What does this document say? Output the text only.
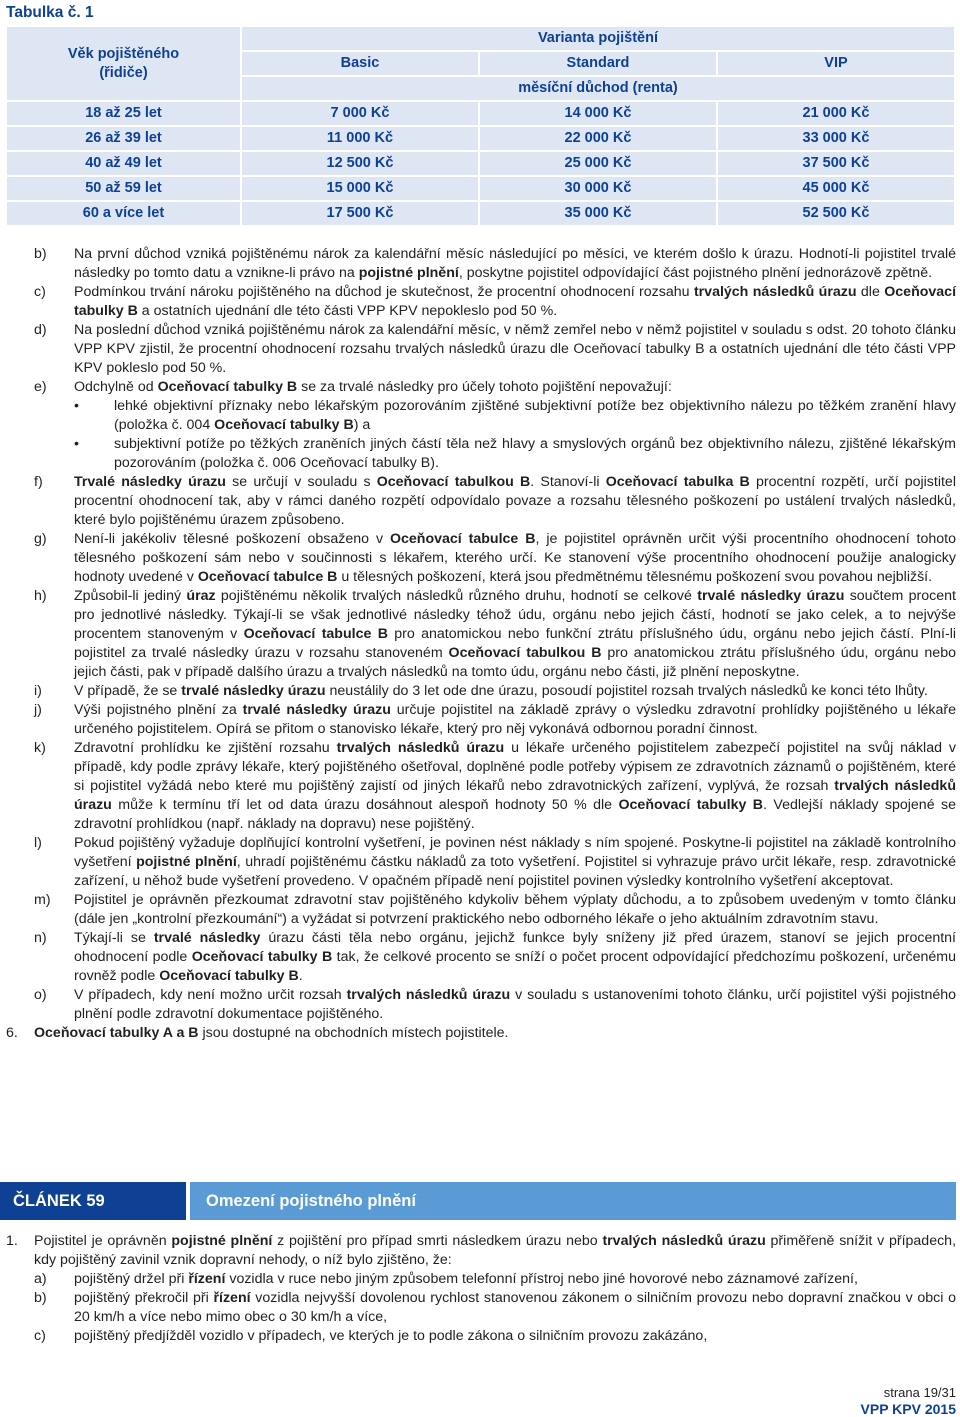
Tabulka č. 1
Věk pojištěného
(řidiče)	Varianta pojištění		
	Basic	Standard	VIP
	měsíční důchod (renta)		
18 až 25 let	7 000 Kč	14 000 Kč	21 000 Kč
26 až 39 let	11 000 Kč	22 000 Kč	33 000 Kč
40 až 49 let	12 500 Kč	25 000 Kč	37 500 Kč
50 až 59 let	15 000 Kč	30 000 Kč	45 000 Kč
60 a více let	17 500 Kč	35 000 Kč	52 500 Kč
b) Na první důchod vzniká pojištěnému nárok za kalendářní měsíc následující po měsíci, ve kterém došlo k úrazu. Hodnotí-li pojistitel trvalé následky po tomto datu a vznikne-li právo na pojistné plnění, poskytne pojistitel odpovídající část pojistného plnění jednorázově zpětně.
c) Podmínkou trvání nároku pojištěného na důchod je skutečnost, že procentní ohodnocení rozsahu trvalých následků úrazu dle Oceňovací tabulky B a ostatních ujednání dle této části VPP KPV nepokleslo pod 50 %.
d) Na poslední důchod vzniká pojištěnému nárok za kalendářní měsíc, v němž zemřel nebo v němž pojistitel v souladu s odst. 20 tohoto článku VPP KPV zjistil, že procentní ohodnocení rozsahu trvalých následků úrazu dle Oceňovací tabulky B a ostatních ujednání dle této části VPP KPV pokleslo pod 50 %.
e) Odchylně od Oceňovací tabulky B se za trvalé následky pro účely tohoto pojištění nepovažují:
• lehké objektivní příznaky nebo lékařským pozorováním zjištěné subjektivní potíže bez objektivního nálezu po těžkém zranění hlavy (položka č. 004 Oceňovací tabulky B) a
• subjektivní potíže po těžkých zraněních jiných částí těla než hlavy a smyslových orgánů bez objektivního nálezu, zjištěné lékařským pozorováním (položka č. 006 Oceňovací tabulky B).
f) Trvalé následky úrazu se určují v souladu s Oceňovací tabulkou B. Stanoví-li Oceňovací tabulka B procentní rozpětí, určí pojistitel procentní ohodnocení tak, aby v rámci daného rozpětí odpovídalo povaze a rozsahu tělesného poškození po ustálení trvalých následků, které bylo pojištěnému úrazem způsobeno.
g) Není-li jakékoliv tělesné poškození obsaženo v Oceňovací tabulce B, je pojistitel oprávněn určit výši procentního ohodnocení tohoto tělesného poškození sám nebo v součinnosti s lékařem, kterého určí. Ke stanovení výše procentního ohodnocení použije analogicky hodnoty uvedené v Oceňovací tabulce B u tělesných poškození, která jsou předmětnému tělesnému poškození svou povahou nejbližší.
h) Způsobil-li jediný úraz pojištěnému několik trvalých následků různého druhu, hodnotí se celkové trvalé následky úrazu součtem procent pro jednotlivé následky. Týkají-li se však jednotlivé následky téhož údu, orgánu nebo jejich částí, hodnotí se jako celek, a to nejvýše procentem stanoveným v Oceňovací tabulce B pro anatomickou nebo funkční ztrátu příslušného údu, orgánu nebo jejich částí. Plní-li pojistitel za trvalé následky úrazu v rozsahu stanoveném Oceňovací tabulkou B pro anatomickou ztrátu příslušného údu, orgánu nebo jejich části, pak v případě dalšího úrazu a trvalých následků na tomto údu, orgánu nebo části, již plnění neposkytne.
i) V případě, že se trvalé následky úrazu neustálily do 3 let ode dne úrazu, posoudí pojistitel rozsah trvalých následků ke konci této lhůty.
j) Výši pojistného plnění za trvalé následky úrazu určuje pojistitel na základě zprávy o výsledku zdravotní prohlídky pojištěného u lékaře určeného pojistitelem. Opírá se přitom o stanovisko lékaře, který pro něj vykonává odbornou poradní činnost.
k) Zdravotní prohlídku ke zjištění rozsahu trvalých následků úrazu u lékaře určeného pojistitelem zabezpečí pojistitel na svůj náklad v případě, kdy podle zprávy lékaře, který pojištěného ošetřoval, doplněné podle potřeby výpisem ze zdravotních záznamů o pojištěném, které si pojistitel vyžádá nebo které mu pojištěný zajistí od jiných lékařů nebo zdravotnických zařízení, vyplývá, že rozsah trvalých následků úrazu může k termínu tří let od data úrazu dosáhnout alespoň hodnoty 50 % dle Oceňovací tabulky B. Vedlejší náklady spojené se zdravotní prohlídkou (např. náklady na dopravu) nese pojištěný.
l) Pokud pojištěný vyžaduje doplňující kontrolní vyšetření, je povinen nést náklady s ním spojené. Poskytne-li pojistitel na základě kontrolního vyšetření pojistné plnění, uhradí pojištěnému částku nákladů za toto vyšetření. Pojistitel si vyhrazuje právo určit lékaře, resp. zdravotnické zařízení, u něhož bude vyšetření provedeno. V opačném případě není pojistitel povinen výsledky kontrolního vyšetření akceptovat.
m) Pojistitel je oprávněn přezkoumat zdravotní stav pojištěného kdykoliv během výplaty důchodu, a to způsobem uvedeným v tomto článku (dále jen „kontrolní přezkoumání“) a vyžádat si potvrzení praktického nebo odborného lékaře o jeho aktuálním zdravotním stavu.
n) Týkají-li se trvalé následky úrazu části těla nebo orgánu, jejichž funkce byly sníženy již před úrazem, stanoví se jejich procentní ohodnocení podle Oceňovací tabulky B tak, že celkové procento se sníží o počet procent odpovídající předchozímu poškození, určenému rovněž podle Oceňovací tabulky B.
o) V případech, kdy není možno určit rozsah trvalých následků úrazu v souladu s ustanoveními tohoto článku, určí pojistitel výši pojistného plnění podle zdravotní dokumentace pojištěného.
6. Oceňovací tabulky A a B jsou dostupné na obchodních místech pojistitele.
ČLÁNEK 59	Omezení pojistného plnění
1. Pojistitel je oprávněn pojistné plnění z pojištění pro případ smrti následkem úrazu nebo trvalých následků úrazu přiměřeně snížit v případech, kdy pojištěný zavinil vznik dopravní nehody, o níž bylo zjištěno, že:
a) pojištěný držel při řízení vozidla v ruce nebo jiným způsobem telefonní přístroj nebo jiné hovorové nebo záznamové zařízení,
b) pojištěný překročil při řízení vozidla nejvyšší dovolenou rychlost stanovenou zákonem o silničním provozu nebo dopravní značkou v obci o 20 km/h a více nebo mimo obec o 30 km/h a více,
c) pojištěný předjížděl vozidlo v případech, ve kterých je to podle zákona o silničním provozu zakázáno,
strana 19/31
VPP KPV 2015
